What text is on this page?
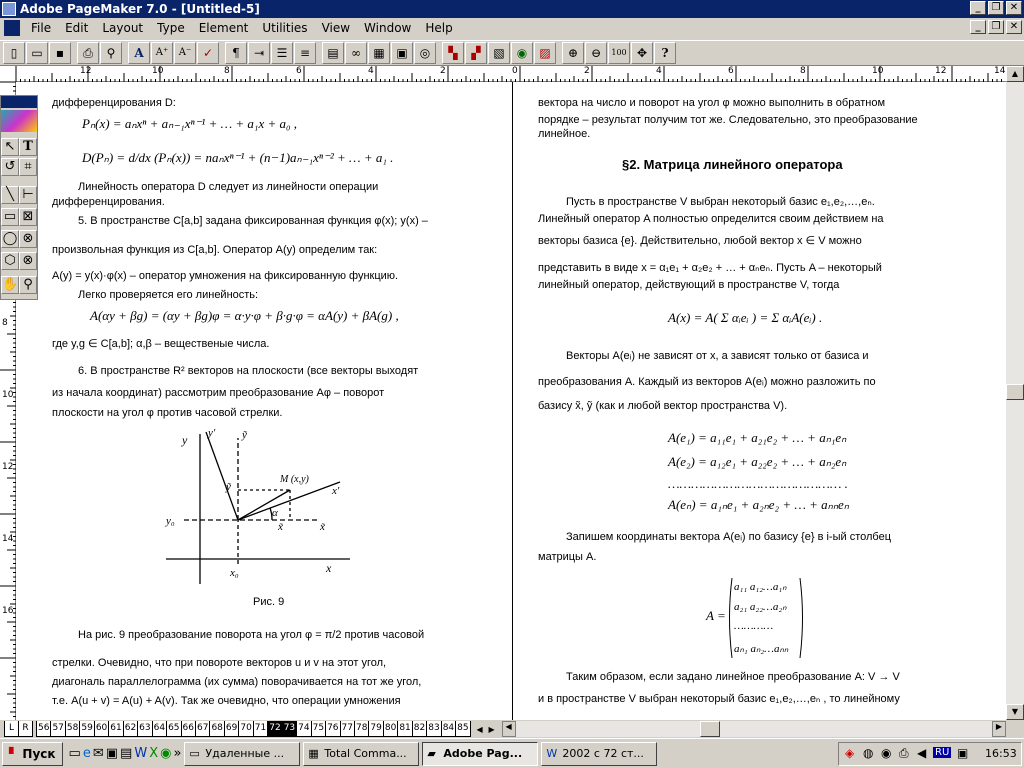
Adobe PageMaker 7.0 - [Untitled-5]	_	❐ ✕
File	Edit	Layout	Type	Element	Utilities	View	Window	Help	_	❐ ✕
▯	▭	▪	⎙	⚲	A	A⁺	A⁻ ✓	¶	⇥	☰	≡	▤	∞	▦ ▣	◎	▚	▞	▧	◉	▨	⊕	⊖	100 ✥	?
12	10	8	6	4	2	0	2	4	6	8	10	12	14
8
10
12
14
16
дифференцирования D:
Pₙ(x) = aₙxⁿ + aₙ₋₁xⁿ⁻¹ + … + a₁x + a₀ ,
D(Pₙ) = d/dx (Pₙ(x)) = naₙxⁿ⁻¹ + (n−1)aₙ₋₁xⁿ⁻² + … + a₁ .
Линейность оператора D следует из линейности операции
дифференцирования.
5. В пространстве C[a,b] задана фиксированная функция φ(x); y(x) –
произвольная функция из C[a,b]. Оператор A(y) определим так:
A(y) = y(x)·φ(x) – оператор умножения на фиксированную функцию.
Легко проверяется его линейность:
A(αy + βg) = (αy + βg)φ = α·y·φ + β·g·φ = αA(y) + βA(g) ,
где y,g ∈ C[a,b]; α,β – вещественые числа.
6. В пространстве R² векторов на плоскости (все векторы выходят
из начала координат) рассмотрим преобразование Aφ – поворот
плоскости на угол φ против часовой стрелки.
y y' ỹ
ỹ
M (x,y)
x'
α
x̃	x̃
y₀
x₀	x
Рис. 9
На рис. 9 преобразование поворота на угол φ = π/2 против часовой
стрелки. Очевидно, что при повороте векторов u и v на этот угол,
диагональ параллелограмма (их сумма) поворачивается на тот же угол,
т.е. A(u + v) = A(u) + A(v). Так же очевидно, что операции умножения
вектора на число и поворот на угол φ можно выполнить в обратном
порядке – результат получим тот же. Следовательно, это преобразование
линейное.
§2. Матрица линейного оператора
Пусть в пространстве V выбран некоторый базис e₁,e₂,…,eₙ.
Линейный оператор A полностью определится своим действием на
векторы базиса {e}. Действительно, любой вектор x ∈ V можно
представить в виде x = α₁e₁ + α₂e₂ + … + αₙeₙ. Пусть A – некоторый
линейный оператор, действующий в пространстве V, тогда
A(x) = A( Σ αᵢeᵢ ) = Σ αᵢA(eᵢ) .
Векторы A(eᵢ) не зависят от x, а зависят только от базиса и
преобразования A. Каждый из векторов A(eᵢ) можно разложить по
базису x̃, ỹ (как и любой вектор пространства V).
A(e₁) = a₁₁e₁ + a₂₁e₂ + … + aₙ₁eₙ
A(e₂) = a₁₂e₁ + a₂₂e₂ + … + aₙ₂eₙ
……………………………………… .
A(eₙ) = a₁ₙe₁ + a₂ₙe₂ + … + aₙₙeₙ
Запишем координаты вектора A(eᵢ) по базису {e} в i-ый столбец
матрицы A.
A =
a₁₁ a₁₂…a₁ₙ
a₂₁ a₂₂…a₂ₙ
…………
aₙ₁ aₙ₂…aₙₙ
Таким образом, если задано линейное преобразование A: V → V
и в пространстве V выбран некоторый базис e₁,e₂,…,eₙ , то линейному
↖ T
↺ ⌗
╲ ⊢
▭ ⊠
◯ ⊗
⬡ ⊗
✋ ⚲
▲
▼
L R	56 57 58 59 60 61 62 63 64 65 66 67 68 69 70 71 72 73 74 75 76 77 78 79 80 81 82 83 84 85 ◀ ▶	◀	▶
▘ Пуск	▭ e ✉ ▣ ▤ W X ◉ » ▭ Удаленные ...	▦ Total Comma...	▰ Adobe Pag...	W 2002 с 72 ст...	◈ ◍ ◉ ⎙ ◀ RU ▣ 16:53
